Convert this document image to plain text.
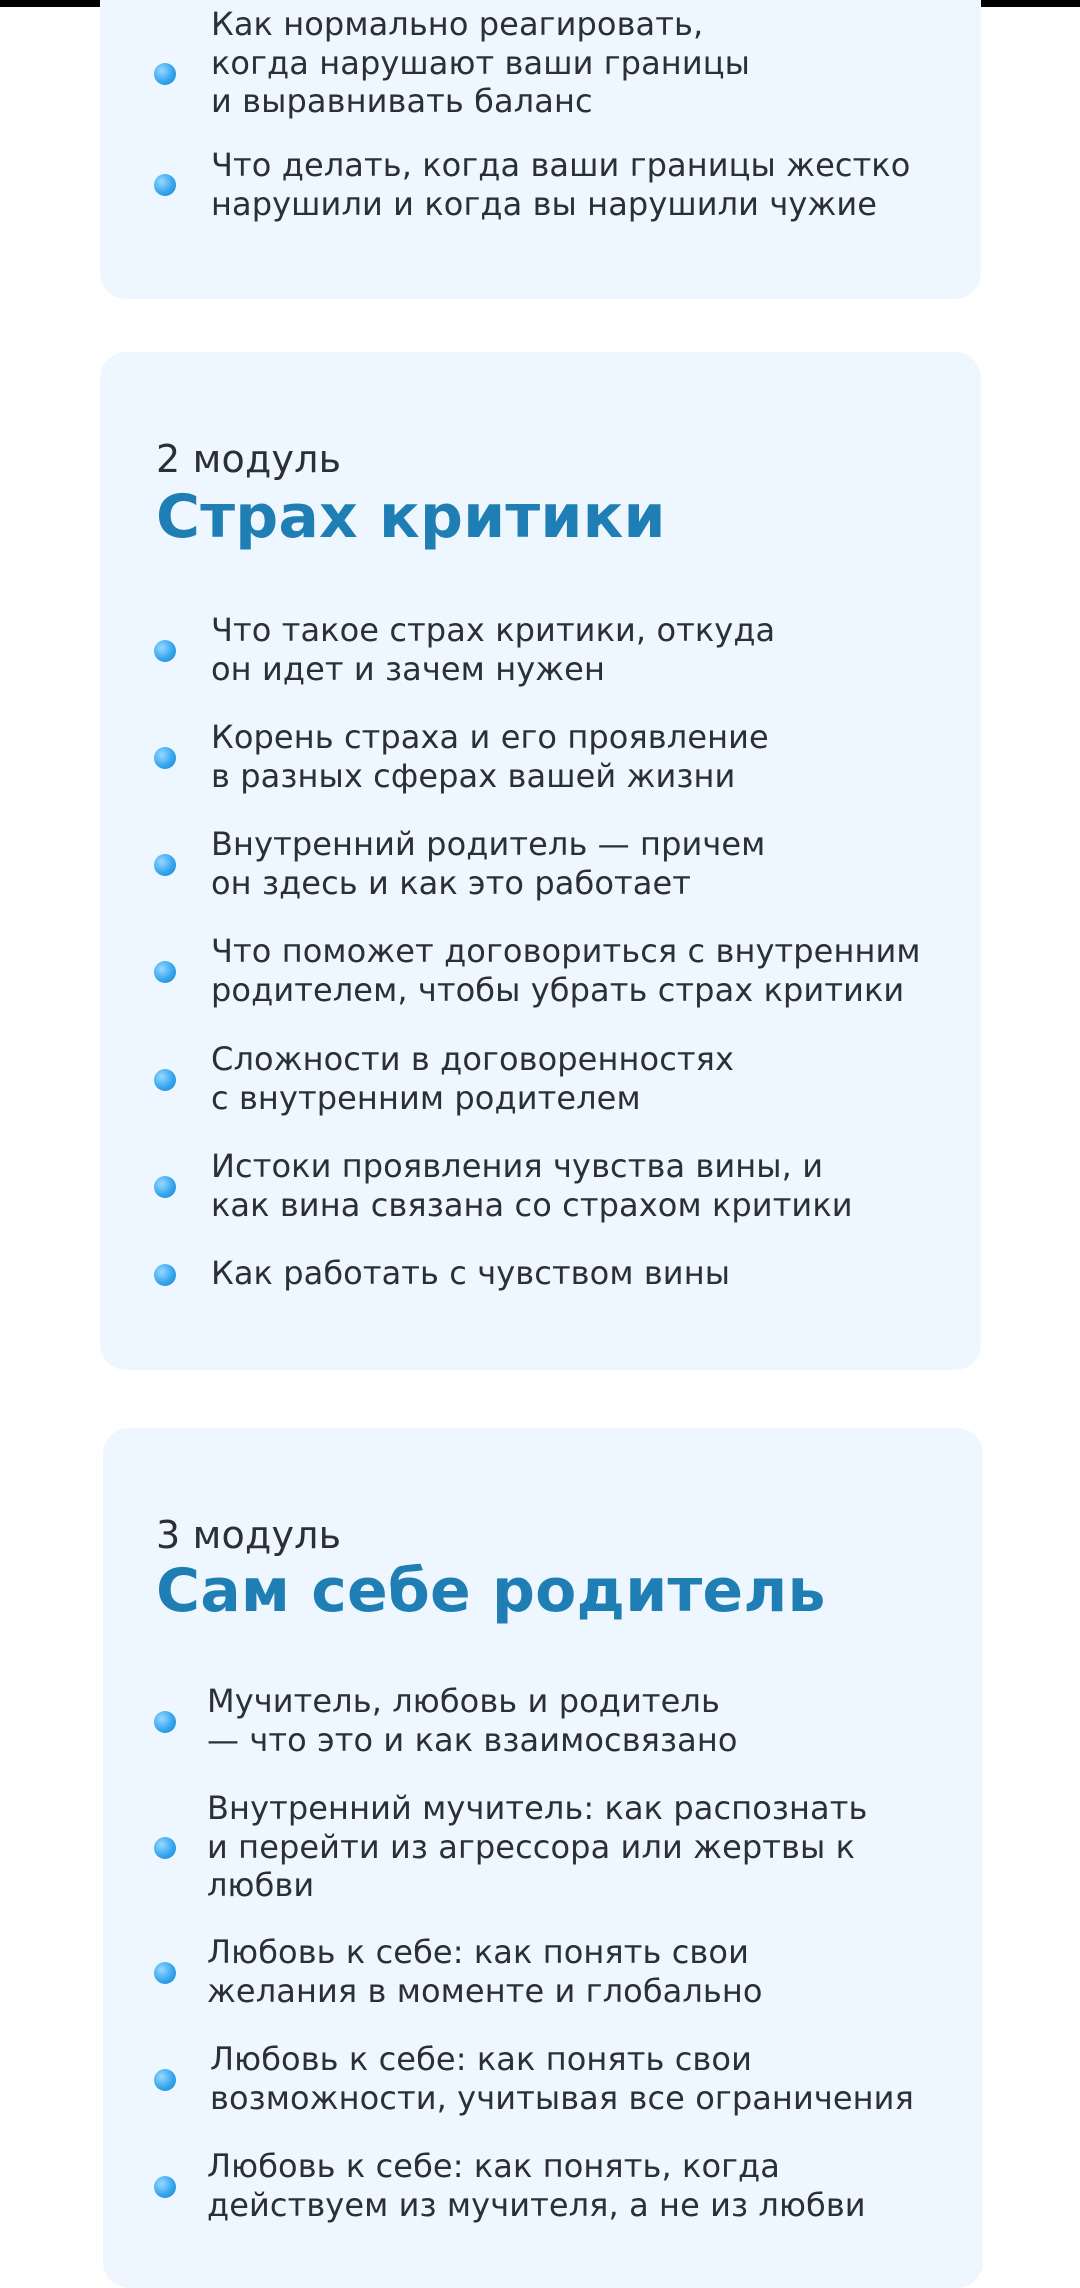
Как нормально реагировать,
когда нарушают ваши границы
и выравнивать баланс
Что делать, когда ваши границы жестко
нарушили и когда вы нарушили чужие
2 модуль
Страх критики
Что такое страх критики, откуда
он идет и зачем нужен
Корень страха и его проявление
в разных сферах вашей жизни
Внутренний родитель — причем
он здесь и как это работает
Что поможет договориться с внутренним
родителем, чтобы убрать страх критики
Сложности в договоренностях
с внутренним родителем
Истоки проявления чувства вины, и
как вина связана со страхом критики
Как работать с чувством вины
3 модуль
Сам себе родитель
Мучитель, любовь и родитель
— что это и как взаимосвязано
Внутренний мучитель: как распознать
и перейти из агрессора или жертвы к
любви
Любовь к себе: как понять свои
желания в моменте и глобально
Любовь к себе: как понять свои
возможности, учитывая все ограничения
Любовь к себе: как понять, когда
действуем из мучителя, а не из любви
